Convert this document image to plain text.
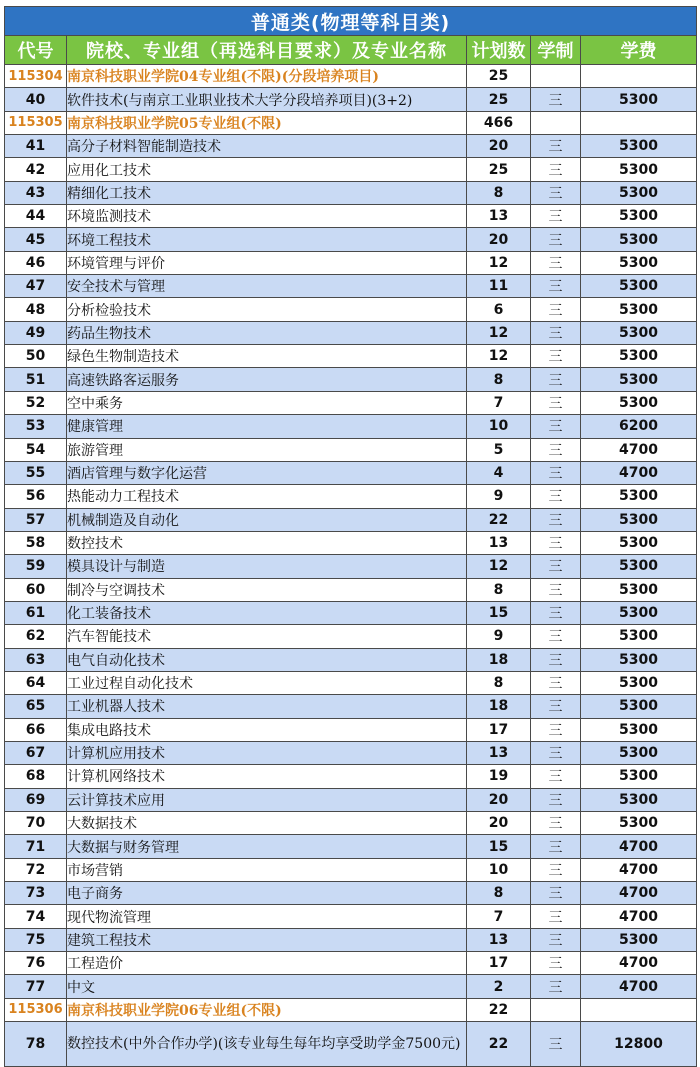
普通类(物理等科目类)				
代号	院校、专业组（再选科目要求）及专业名称	计划数	学制	学费
115304	南京科技职业学院04专业组(不限)(分段培养项目)	25		
40	软件技术(与南京工业职业技术大学分段培养项目)(3+2)	25	三	5300
115305	南京科技职业学院05专业组(不限)	466		
41	高分子材料智能制造技术	20	三	5300
42	应用化工技术	25	三	5300
43	精细化工技术	8	三	5300
44	环境监测技术	13	三	5300
45	环境工程技术	20	三	5300
46	环境管理与评价	12	三	5300
47	安全技术与管理	11	三	5300
48	分析检验技术	6	三	5300
49	药品生物技术	12	三	5300
50	绿色生物制造技术	12	三	5300
51	高速铁路客运服务	8	三	5300
52	空中乘务	7	三	5300
53	健康管理	10	三	6200
54	旅游管理	5	三	4700
55	酒店管理与数字化运营	4	三	4700
56	热能动力工程技术	9	三	5300
57	机械制造及自动化	22	三	5300
58	数控技术	13	三	5300
59	模具设计与制造	12	三	5300
60	制冷与空调技术	8	三	5300
61	化工装备技术	15	三	5300
62	汽车智能技术	9	三	5300
63	电气自动化技术	18	三	5300
64	工业过程自动化技术	8	三	5300
65	工业机器人技术	18	三	5300
66	集成电路技术	17	三	5300
67	计算机应用技术	13	三	5300
68	计算机网络技术	19	三	5300
69	云计算技术应用	20	三	5300
70	大数据技术	20	三	5300
71	大数据与财务管理	15	三	4700
72	市场营销	10	三	4700
73	电子商务	8	三	4700
74	现代物流管理	7	三	4700
75	建筑工程技术	13	三	5300
76	工程造价	17	三	4700
77	中文	2	三	4700
115306	南京科技职业学院06专业组(不限)	22		
78	数控技术(中外合作办学)(该专业每生每年均享受助学金7500元)	22	三	12800
